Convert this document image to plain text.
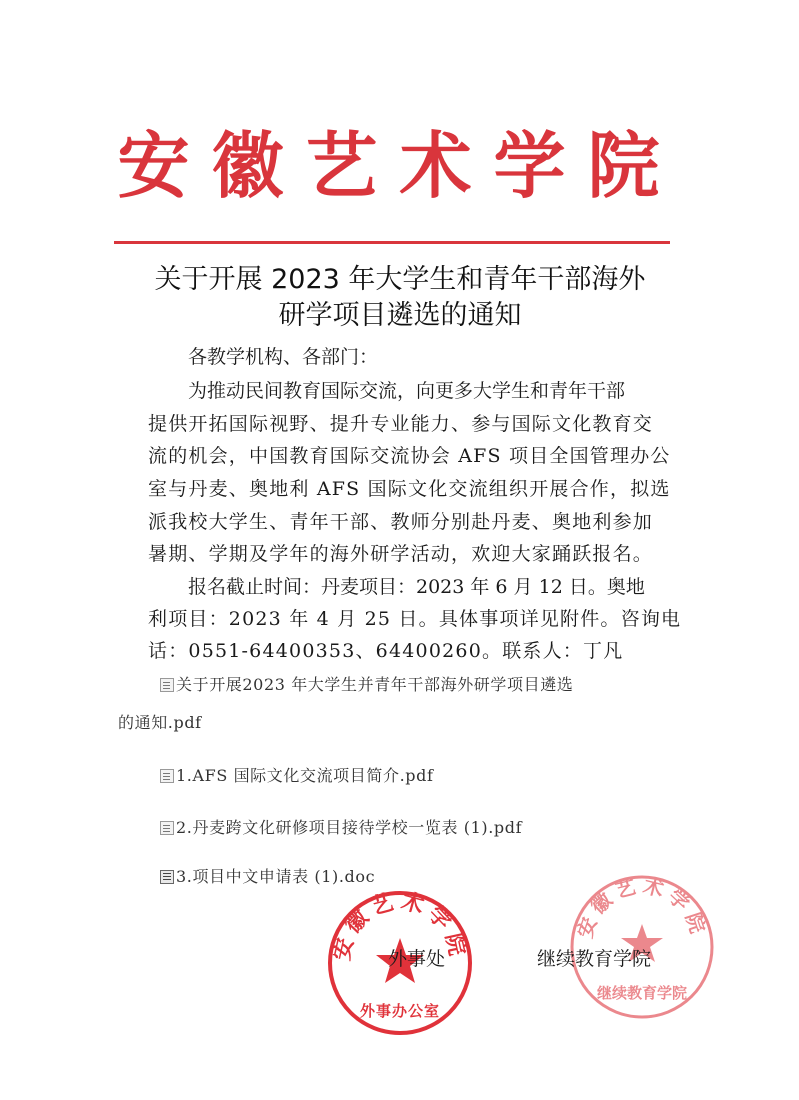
安徽艺术学院
关于开展 2023 年大学生和青年干部海外
研学项目遴选的通知
各教学机构、各部门：
为推动民间教育国际交流，向更多大学生和青年干部
提供开拓国际视野、提升专业能力、参与国际文化教育交
流的机会，中国教育国际交流协会 AFS 项目全国管理办公
室与丹麦、奥地利 AFS 国际文化交流组织开展合作，拟选
派我校大学生、青年干部、教师分别赴丹麦、奥地利参加
暑期、学期及学年的海外研学活动，欢迎大家踊跃报名。
报名截止时间：丹麦项目：2023 年 6 月 12 日。奥地
利项目：2023 年 4 月 25 日。具体事项详见附件。咨询电
话：0551-64400353、64400260。联系人：丁凡
关于开展2023 年大学生并青年干部海外研学项目遴选
的通知.pdf
1.AFS 国际文化交流项目简介.pdf
2.丹麦跨文化研修项目接待学校一览表 (1).pdf
3.项目中文申请表 (1).doc
安徽艺术学院
外事办公室
安徽艺术学院
继续教育学院
外事处	继续教育学院
